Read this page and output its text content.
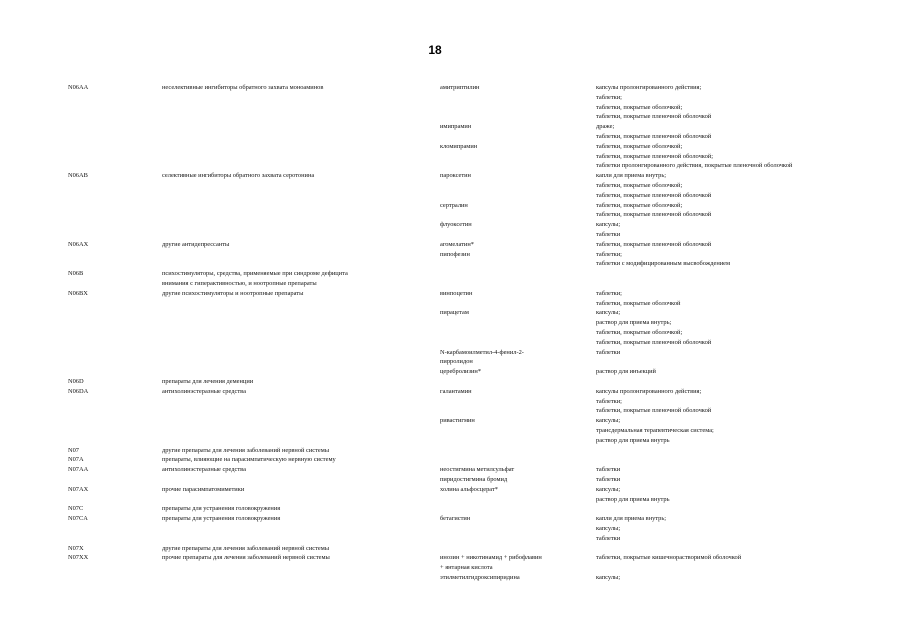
18
N06AA	неселективные ингибиторы обратного захвата моноаминов	амитриптилин	капсулы пролонгированного действия;
таблетки;
таблетки, покрытые оболочкой;
таблетки, покрытые пленочной оболочкой
имипрамин	драже;
таблетки, покрытые пленочной оболочкой
кломипрамин	таблетки, покрытые оболочкой;
таблетки, покрытые пленочной оболочкой;
таблетки пролонгированного действия, покрытые пленочной оболочкой
N06AB	селективные ингибиторы обратного захвата серотонина	пароксетин	капли для приема внутрь;
таблетки, покрытые оболочкой;
таблетки, покрытые пленочной оболочкой
сертралин	таблетки, покрытые оболочкой;
таблетки, покрытые пленочной оболочкой
флуоксетин	капсулы;
таблетки
N06AX	другие антидепрессанты	агомелатин*	таблетки, покрытые пленочной оболочкой
пипофезин	таблетки;
таблетки с модифицированным высвобождением
N06B	психостимуляторы, средства, применяемые при синдроме дефицита
внимания с гиперактивностью, и ноотропные препараты
N06BX	другие психостимуляторы и ноотропные препараты	винпоцетин	таблетки;
таблетки, покрытые оболочкой
пирацетам	капсулы;
раствор для приема внутрь;
таблетки, покрытые оболочкой;
таблетки, покрытые пленочной оболочкой
N-карбамоилметил-4-фенил-2-	таблетки
пирролидон
церебролизин*	раствор для инъекций
N06D	препараты для лечения деменции
N06DA	антихолинэстеразные средства	галантамин	капсулы пролонгированного действия;
таблетки;
таблетки, покрытые пленочной оболочкой
ривастигмин	капсулы;
трансдермальная терапевтическая система;
раствор для приема внутрь
N07	другие препараты для лечения заболеваний нервной системы
N07A	препараты, влияющие на парасимпатическую нервную систему
N07AA	антихолинэстеразные средства	неостигмина метилсульфат	таблетки
пиридостигмина бромид	таблетки
N07AX	прочие парасимпатомиметики	холина альфосцерат*	капсулы;
раствор для приема внутрь
N07C	препараты для устранения головокружения
N07CA	препараты для устранения головокружения	бетагистин	капли для приема внутрь;
капсулы;
таблетки
N07X	другие препараты для лечения заболеваний нервной системы
N07XX	прочие препараты для лечения заболеваний нервной системы	инозин + никотинамид + рибофлавин	таблетки, покрытые кишечнорастворимой оболочкой
+ янтарная кислота
этилметилгидроксипиридина	капсулы;
